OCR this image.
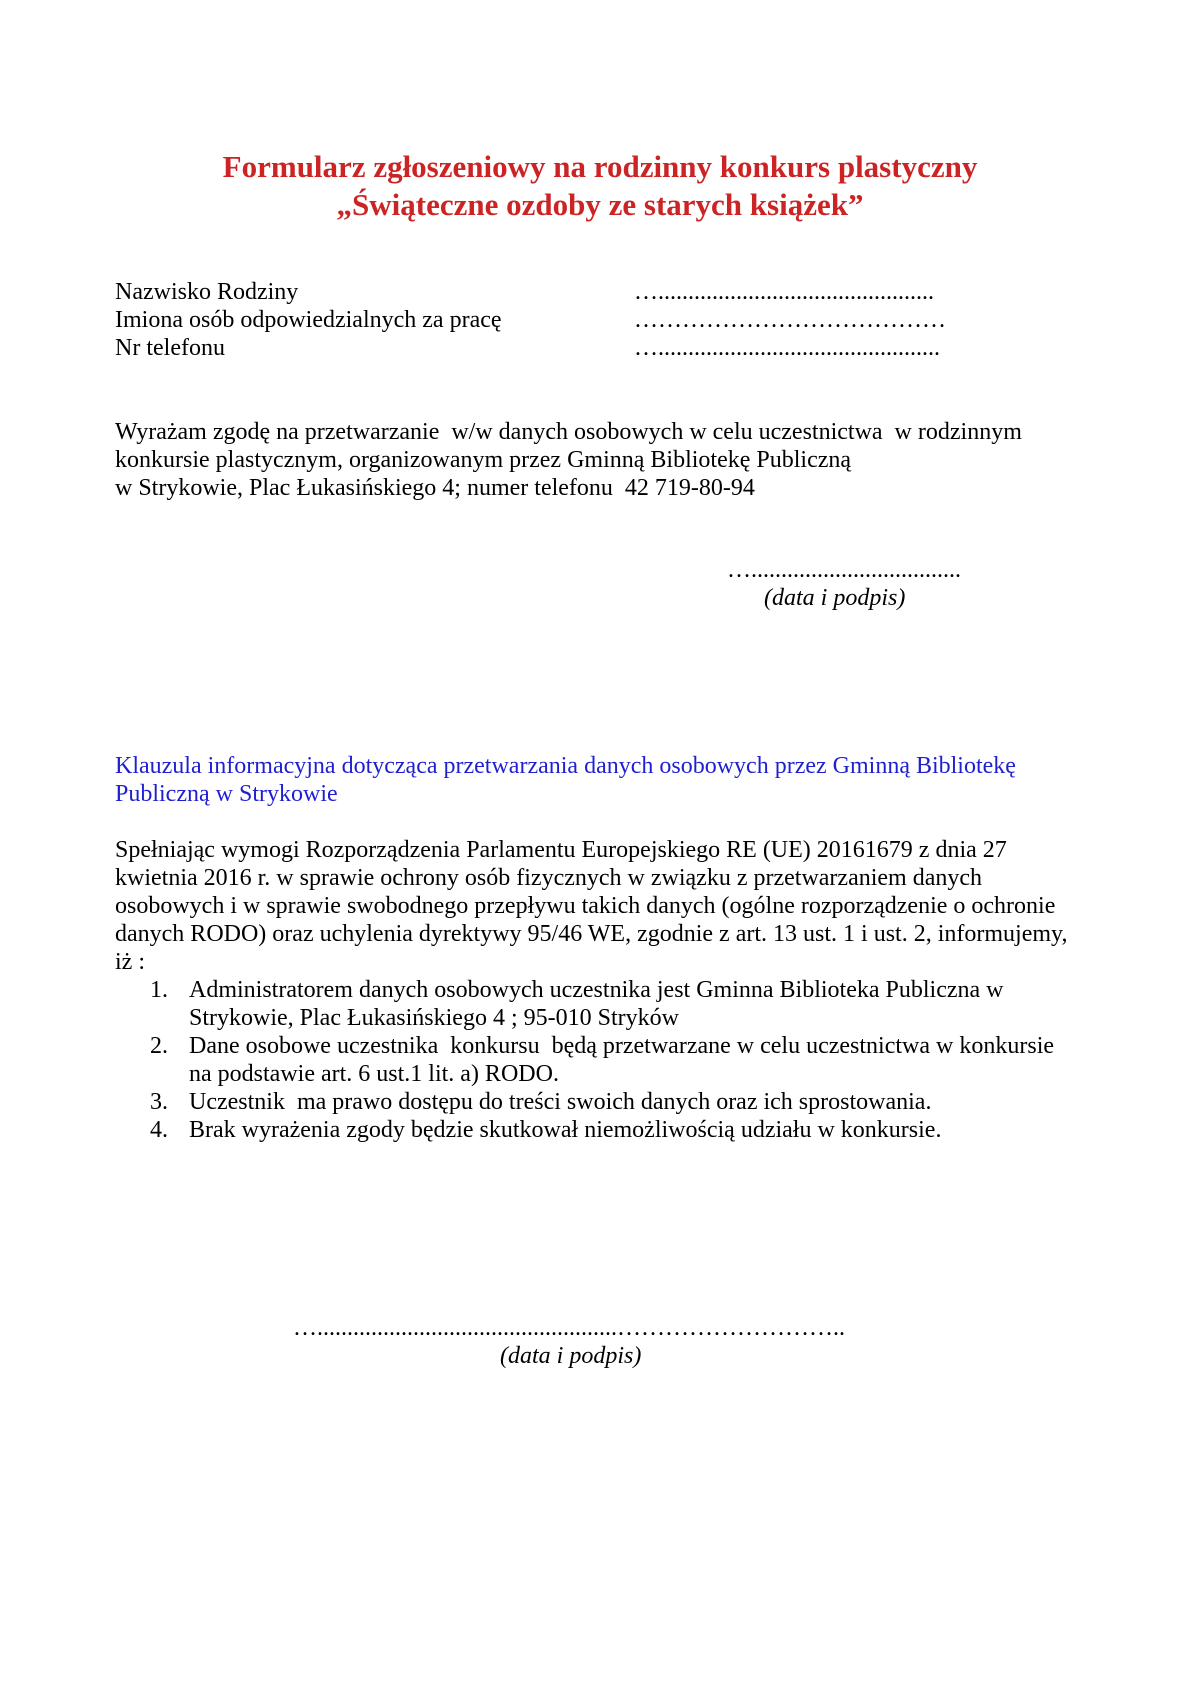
Formularz zgłoszeniowy na rodzinny konkurs plastyczny
„Świąteczne ozdoby ze starych książek”
Nazwisko Rodziny	…..............................................
Imiona osób odpowiedzialnych za pracę	…………………………………
Nr telefonu	…...............................................
Wyrażam zgodę na przetwarzanie  w/w danych osobowych w celu uczestnictwa  w rodzinnym
konkursie plastycznym, organizowanym przez Gminną Bibliotekę Publiczną
w Strykowie, Plac Łukasińskiego 4; numer telefonu  42 719-80-94
…...................................
(data i podpis)
Klauzula informacyjna dotycząca przetwarzania danych osobowych przez Gminną Bibliotekę
Publiczną w Strykowie
Spełniając wymogi Rozporządzenia Parlamentu Europejskiego RE (UE) 20161679 z dnia 27
kwietnia 2016 r. w sprawie ochrony osób fizycznych w związku z przetwarzaniem danych
osobowych i w sprawie swobodnego przepływu takich danych (ogólne rozporządzenie o ochronie
danych RODO) oraz uchylenia dyrektywy 95/46 WE, zgodnie z art. 13 ust. 1 i ust. 2, informujemy,
iż :
1. Administratorem danych osobowych uczestnika jest Gminna Biblioteka Publiczna w
Strykowie, Plac Łukasińskiego 4 ; 95-010 Stryków
2. Dane osobowe uczestnika  konkursu  będą przetwarzane w celu uczestnictwa w konkursie
na podstawie art. 6 ust.1 lit. a) RODO.
3. Uczestnik  ma prawo dostępu do treści swoich danych oraz ich sprostowania.
4. Brak wyrażenia zgody będzie skutkował niemożliwością udziału w konkursie.
…..................................................………………………..
(data i podpis)
